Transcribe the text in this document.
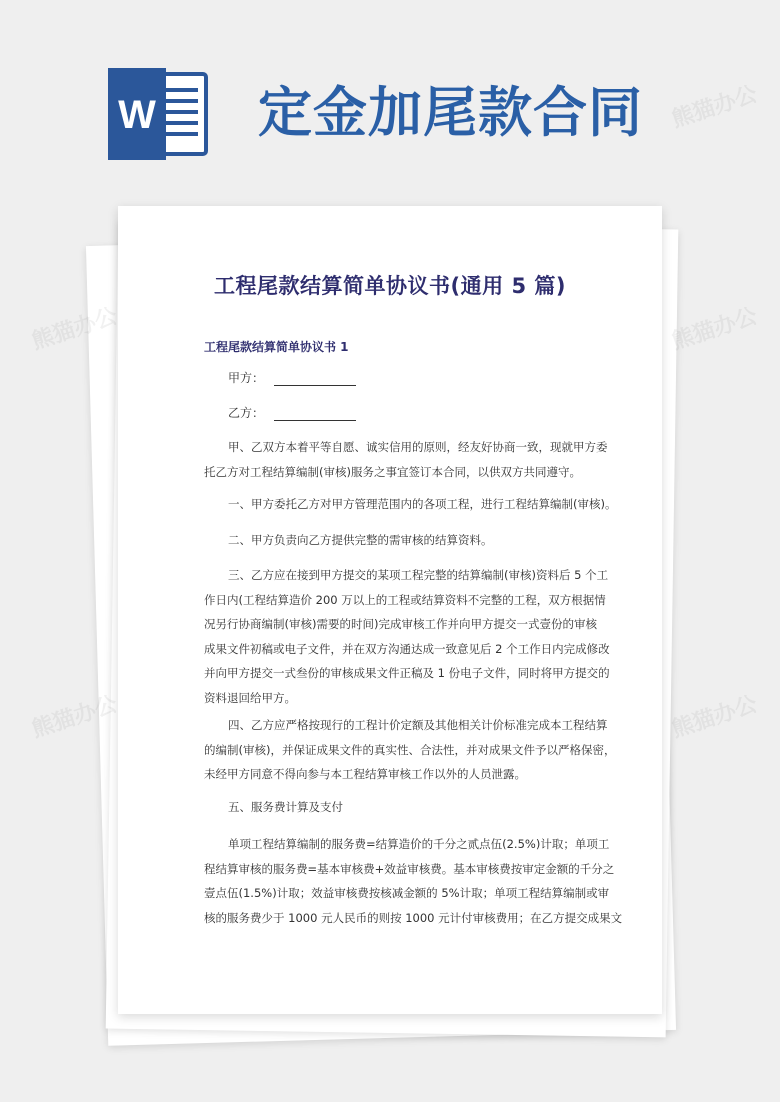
W 定金加尾款合同
工程尾款结算简单协议书(通用 5 篇)
工程尾款结算简单协议书 1
甲方：
乙方：
甲、乙双方本着平等自愿、诚实信用的原则，经友好协商一致，现就甲方委
托乙方对工程结算编制(审核)服务之事宜签订本合同，以供双方共同遵守。
一、甲方委托乙方对甲方管理范围内的各项工程，进行工程结算编制(审核)。
二、甲方负责向乙方提供完整的需审核的结算资料。
三、乙方应在接到甲方提交的某项工程完整的结算编制(审核)资料后 5 个工
作日内(工程结算造价 200 万以上的工程或结算资料不完整的工程，双方根据情
况另行协商编制(审核)需要的时间)完成审核工作并向甲方提交一式壹份的审核
成果文件初稿或电子文件，并在双方沟通达成一致意见后 2 个工作日内完成修改
并向甲方提交一式叁份的审核成果文件正稿及 1 份电子文件，同时将甲方提交的
资料退回给甲方。
四、乙方应严格按现行的工程计价定额及其他相关计价标准完成本工程结算
的编制(审核)，并保证成果文件的真实性、合法性，并对成果文件予以严格保密，
未经甲方同意不得向参与本工程结算审核工作以外的人员泄露。
五、服务费计算及支付
单项工程结算编制的服务费=结算造价的千分之贰点伍(2.5%)计取；单项工
程结算审核的服务费=基本审核费+效益审核费。基本审核费按审定金额的千分之
壹点伍(1.5%)计取；效益审核费按核减金额的 5%计取；单项工程结算编制或审
核的服务费少于 1000 元人民币的则按 1000 元计付审核费用；在乙方提交成果文
熊猫办公	熊猫办公
熊猫办公	熊猫办公
熊猫办公
